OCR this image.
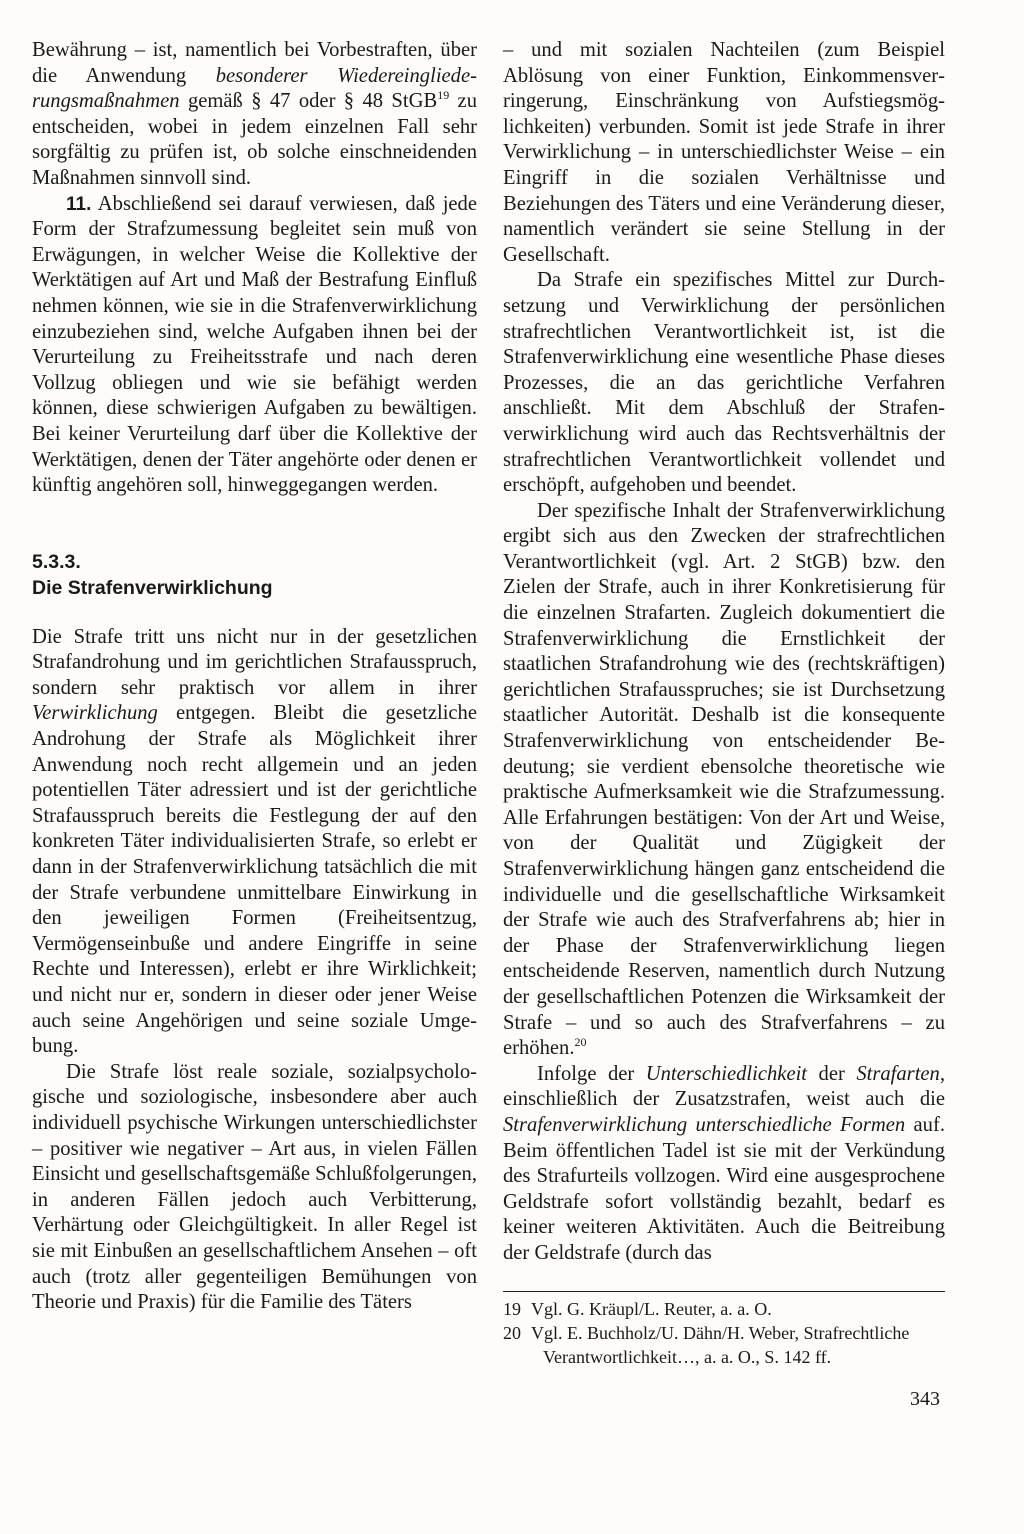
Bewährung – ist, namentlich bei Vorbestraften, über die Anwendung besonderer Wiedereingliederungsmaßnahmen gemäß § 47 oder § 48 StGB$^{19}$ zu entscheiden, wobei in jedem einzelnen Fall sehr sorgfältig zu prüfen ist, ob solche einschneidenden Maßnahmen sinnvoll sind.

11. Abschließend sei darauf verwiesen, daß jede Form der Strafzumessung begleitet sein muß von Erwägungen, in welcher Weise die Kollektive der Werktätigen auf Art und Maß der Bestrafung Einfluß nehmen können, wie sie in die Strafenverwirklichung einzubeziehen sind, welche Aufgaben ihnen bei der Verurteilung zu Freiheitsstrafe und nach deren Vollzug obliegen und wie sie befähigt werden können, diese schwierigen Aufgaben zu bewältigen. Bei keiner Verurteilung darf über die Kollektive der Werktätigen, denen der Täter angehörte oder denen er künftig angehören soll, hinweggegangen werden.

5.3.3.
Die Strafenverwirklichung

Die Strafe tritt uns nicht nur in der gesetzlichen Strafandrohung und im gerichtlichen Strafausspruch, sondern sehr praktisch vor allem in ihrer Verwirklichung entgegen. Bleibt die gesetzliche Androhung der Strafe als Möglichkeit ihrer Anwendung noch recht allgemein und an jeden potentiellen Täter adressiert und ist der gerichtliche Strafausspruch bereits die Festlegung der auf den konkreten Täter individualisierten Strafe, so erlebt er dann in der Strafenverwirklichung tatsächlich die mit der Strafe verbundene unmittelbare Einwirkung in den jeweiligen Formen (Freiheitsentzug, Vermögenseinbuße und andere Eingriffe in seine Rechte und Interessen), erlebt er ihre Wirklichkeit; und nicht nur er, sondern in dieser oder jener Weise auch seine Angehörigen und seine soziale Umgebung.

Die Strafe löst reale soziale, sozialpsychologische und soziologische, insbesondere aber auch individuell psychische Wirkungen unterschiedlichster – positiver wie negativer – Art aus, in vielen Fällen Einsicht und gesellschaftsgemäße Schlußfolgerungen, in anderen Fällen jedoch auch Verbitterung, Verhärtung oder Gleichgültigkeit. In aller Regel ist sie mit Einbußen an gesellschaftlichem Ansehen – oft auch (trotz aller gegenteiligen Bemühungen von Theorie und Praxis) für die Familie des Täters

– und mit sozialen Nachteilen (zum Beispiel Ablösung von einer Funktion, Einkommensverringerung, Einschränkung von Aufstiegsmöglichkeiten) verbunden. Somit ist jede Strafe in ihrer Verwirklichung – in unterschiedlichster Weise – ein Eingriff in die sozialen Verhältnisse und Beziehungen des Täters und eine Veränderung dieser, namentlich verändert sie seine Stellung in der Gesellschaft.

Da Strafe ein spezifisches Mittel zur Durchsetzung und Verwirklichung der persönlichen strafrechtlichen Verantwortlichkeit ist, ist die Strafenverwirklichung eine wesentliche Phase dieses Prozesses, die an das gerichtliche Verfahren anschließt. Mit dem Abschluß der Strafenverwirklichung wird auch das Rechtsverhältnis der strafrechtlichen Verantwortlichkeit vollendet und erschöpft, aufgehoben und beendet.

Der spezifische Inhalt der Strafenverwirklichung ergibt sich aus den Zwecken der strafrechtlichen Verantwortlichkeit (vgl. Art. 2 StGB) bzw. den Zielen der Strafe, auch in ihrer Konkretisierung für die einzelnen Strafarten. Zugleich dokumentiert die Strafenverwirklichung die Ernstlichkeit der staatlichen Strafandrohung wie des (rechtskräftigen) gerichtlichen Strafausspruches; sie ist Durchsetzung staatlicher Autorität. Deshalb ist die konsequente Strafenverwirklichung von entscheidender Bedeutung; sie verdient ebensolche theoretische wie praktische Aufmerksamkeit wie die Strafzumessung. Alle Erfahrungen bestätigen: Von der Art und Weise, von der Qualität und Zügigkeit der Strafenverwirklichung hängen ganz entscheidend die individuelle und die gesellschaftliche Wirksamkeit der Strafe wie auch des Strafverfahrens ab; hier in der Phase der Strafenverwirklichung liegen entscheidende Reserven, namentlich durch Nutzung der gesellschaftlichen Potenzen die Wirksamkeit der Strafe – und so auch des Strafverfahrens – zu erhöhen.$^{20}$

Infolge der Unterschiedlichkeit der Strafarten, einschließlich der Zusatzstrafen, weist auch die Strafenverwirklichung unterschiedliche Formen auf. Beim öffentlichen Tadel ist sie mit der Verkündung des Strafurteils vollzogen. Wird eine ausgesprochene Geldstrafe sofort vollständig bezahlt, bedarf es keiner weiteren Aktivitäten. Auch die Beitreibung der Geldstrafe (durch das

19 Vgl. G. Kräupl/L. Reuter, a. a. O.

20 Vgl. E. Buchholz/U. Dähn/H. Weber, Strafrechtliche Verantwortlichkeit…, a. a. O., S. 142 ff.

343
